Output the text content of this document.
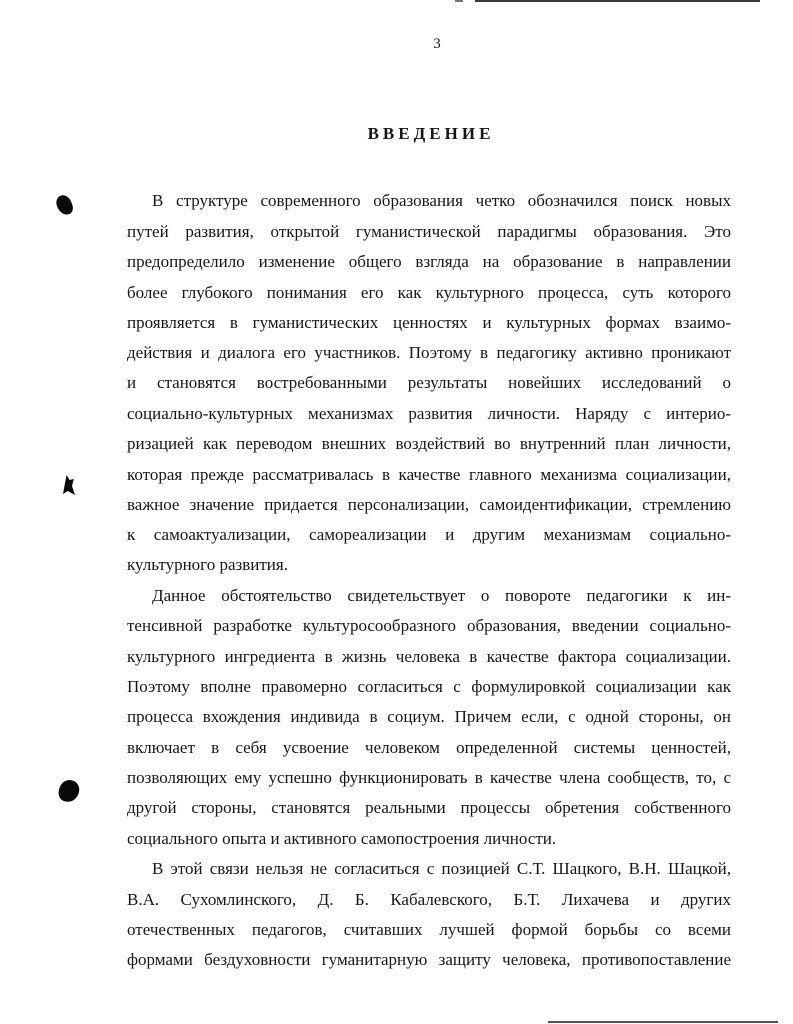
3
ВВЕДЕНИЕ

В структуре современного образования четко обозначился поиск новых

путей развития, открытой гуманистической парадигмы образования. Это

предопределило изменение общего взгляда на образование в направлении

более глубокого понимания его как культурного процесса, суть которого

проявляется в гуманистических ценностях и культурных формах взаимо-

действия и диалога его участников. Поэтому в педагогику активно проникают

и становятся востребованными результаты новейших исследований о

социально-культурных механизмах развития личности. Наряду с интерио-

ризацией как переводом внешних воздействий во внутренний план личности,

которая прежде рассматривалась в качестве главного механизма социализации,

важное значение придается персонализации, самоидентификации, стремлению

к самоактуализации, самореализации и другим механизмам социально-

культурного развития.

Данное обстоятельство свидетельствует о повороте педагогики к ин-

тенсивной разработке культуросообразного образования, введении социально-

культурного ингредиента в жизнь человека в качестве фактора социализации.

Поэтому вполне правомерно согласиться с формулировкой социализации как

процесса вхождения индивида в социум. Причем если, с одной стороны, он

включает в себя усвоение человеком определенной системы ценностей,

позволяющих ему успешно функционировать в качестве члена сообществ, то, с

другой стороны, становятся реальными процессы обретения собственного

социального опыта и активного самопостроения личности.

В этой связи нельзя не согласиться с позицией С.Т. Шацкого, В.Н. Шацкой,

В.А. Сухомлинского, Д. Б. Кабалевского, Б.Т. Лихачева и других

отечественных педагогов, считавших лучшей формой борьбы со всеми

формами бездуховности гуманитарную защиту человека, противопоставление
